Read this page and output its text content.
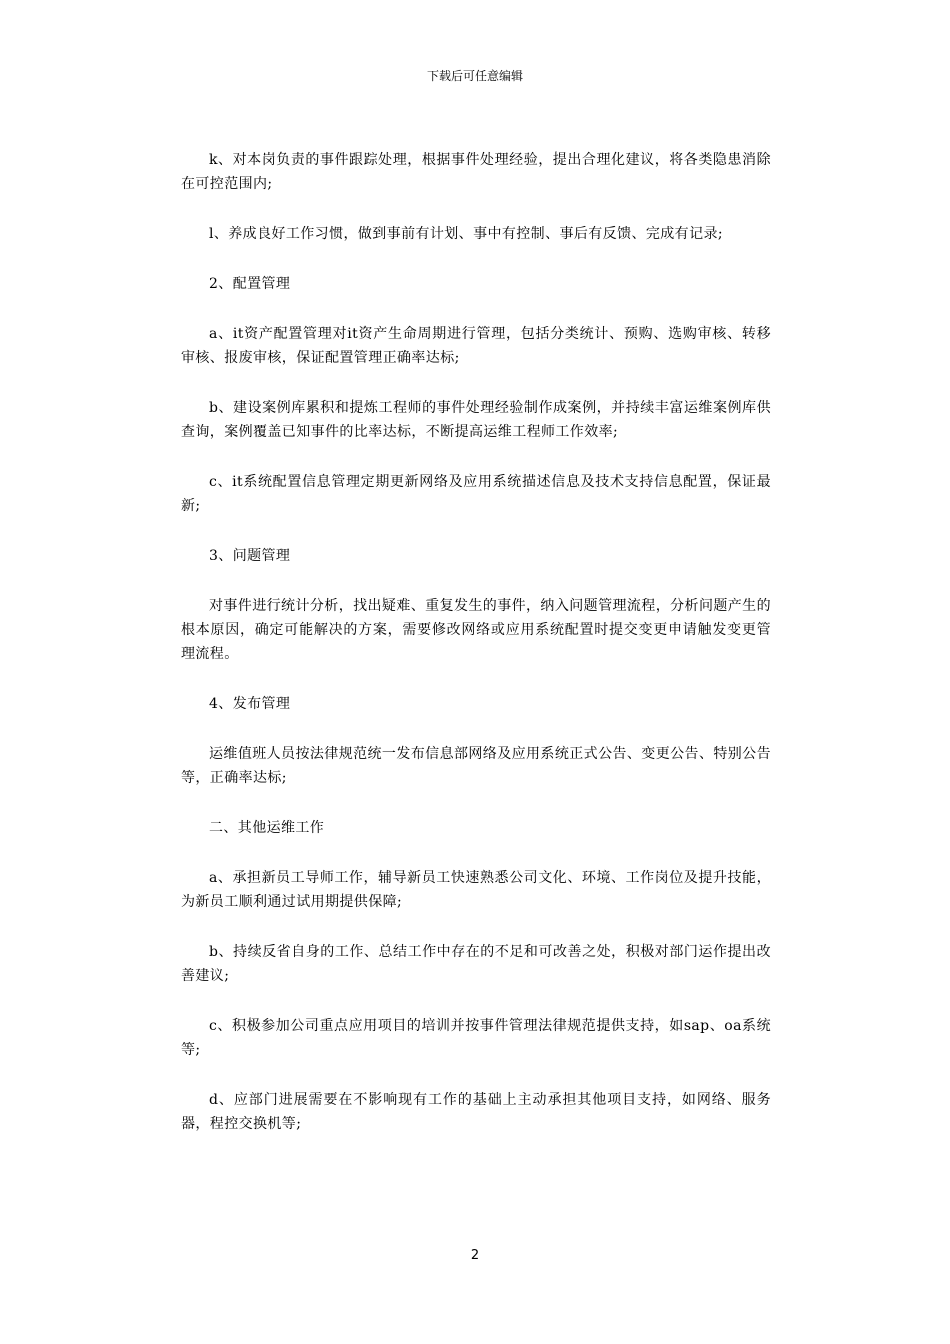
下载后可任意编辑

k、对本岗负责的事件跟踪处理，根据事件处理经验，提出合理化建议，将各类隐患消除在可控范围内;

l、养成良好工作习惯，做到事前有计划、事中有控制、事后有反馈、完成有记录;

2、配置管理

a、it资产配置管理对it资产生命周期进行管理，包括分类统计、预购、选购审核、转移审核、报废审核，保证配置管理正确率达标;

b、建设案例库累积和提炼工程师的事件处理经验制作成案例，并持续丰富运维案例库供查询，案例覆盖已知事件的比率达标，不断提高运维工程师工作效率;

c、it系统配置信息管理定期更新网络及应用系统描述信息及技术支持信息配置，保证最新;

3、问题管理

对事件进行统计分析，找出疑难、重复发生的事件，纳入问题管理流程，分析问题产生的根本原因，确定可能解决的方案，需要修改网络或应用系统配置时提交变更申请触发变更管理流程。

4、发布管理

运维值班人员按法律规范统一发布信息部网络及应用系统正式公告、变更公告、特别公告等，正确率达标;

二、其他运维工作

a、承担新员工导师工作，辅导新员工快速熟悉公司文化、环境、工作岗位及提升技能，为新员工顺利通过试用期提供保障;

b、持续反省自身的工作、总结工作中存在的不足和可改善之处，积极对部门运作提出改善建议;

c、积极参加公司重点应用项目的培训并按事件管理法律规范提供支持，如sap、oa系统等;

d、应部门进展需要在不影响现有工作的基础上主动承担其他项目支持，如网络、服务器，程控交换机等;

2
